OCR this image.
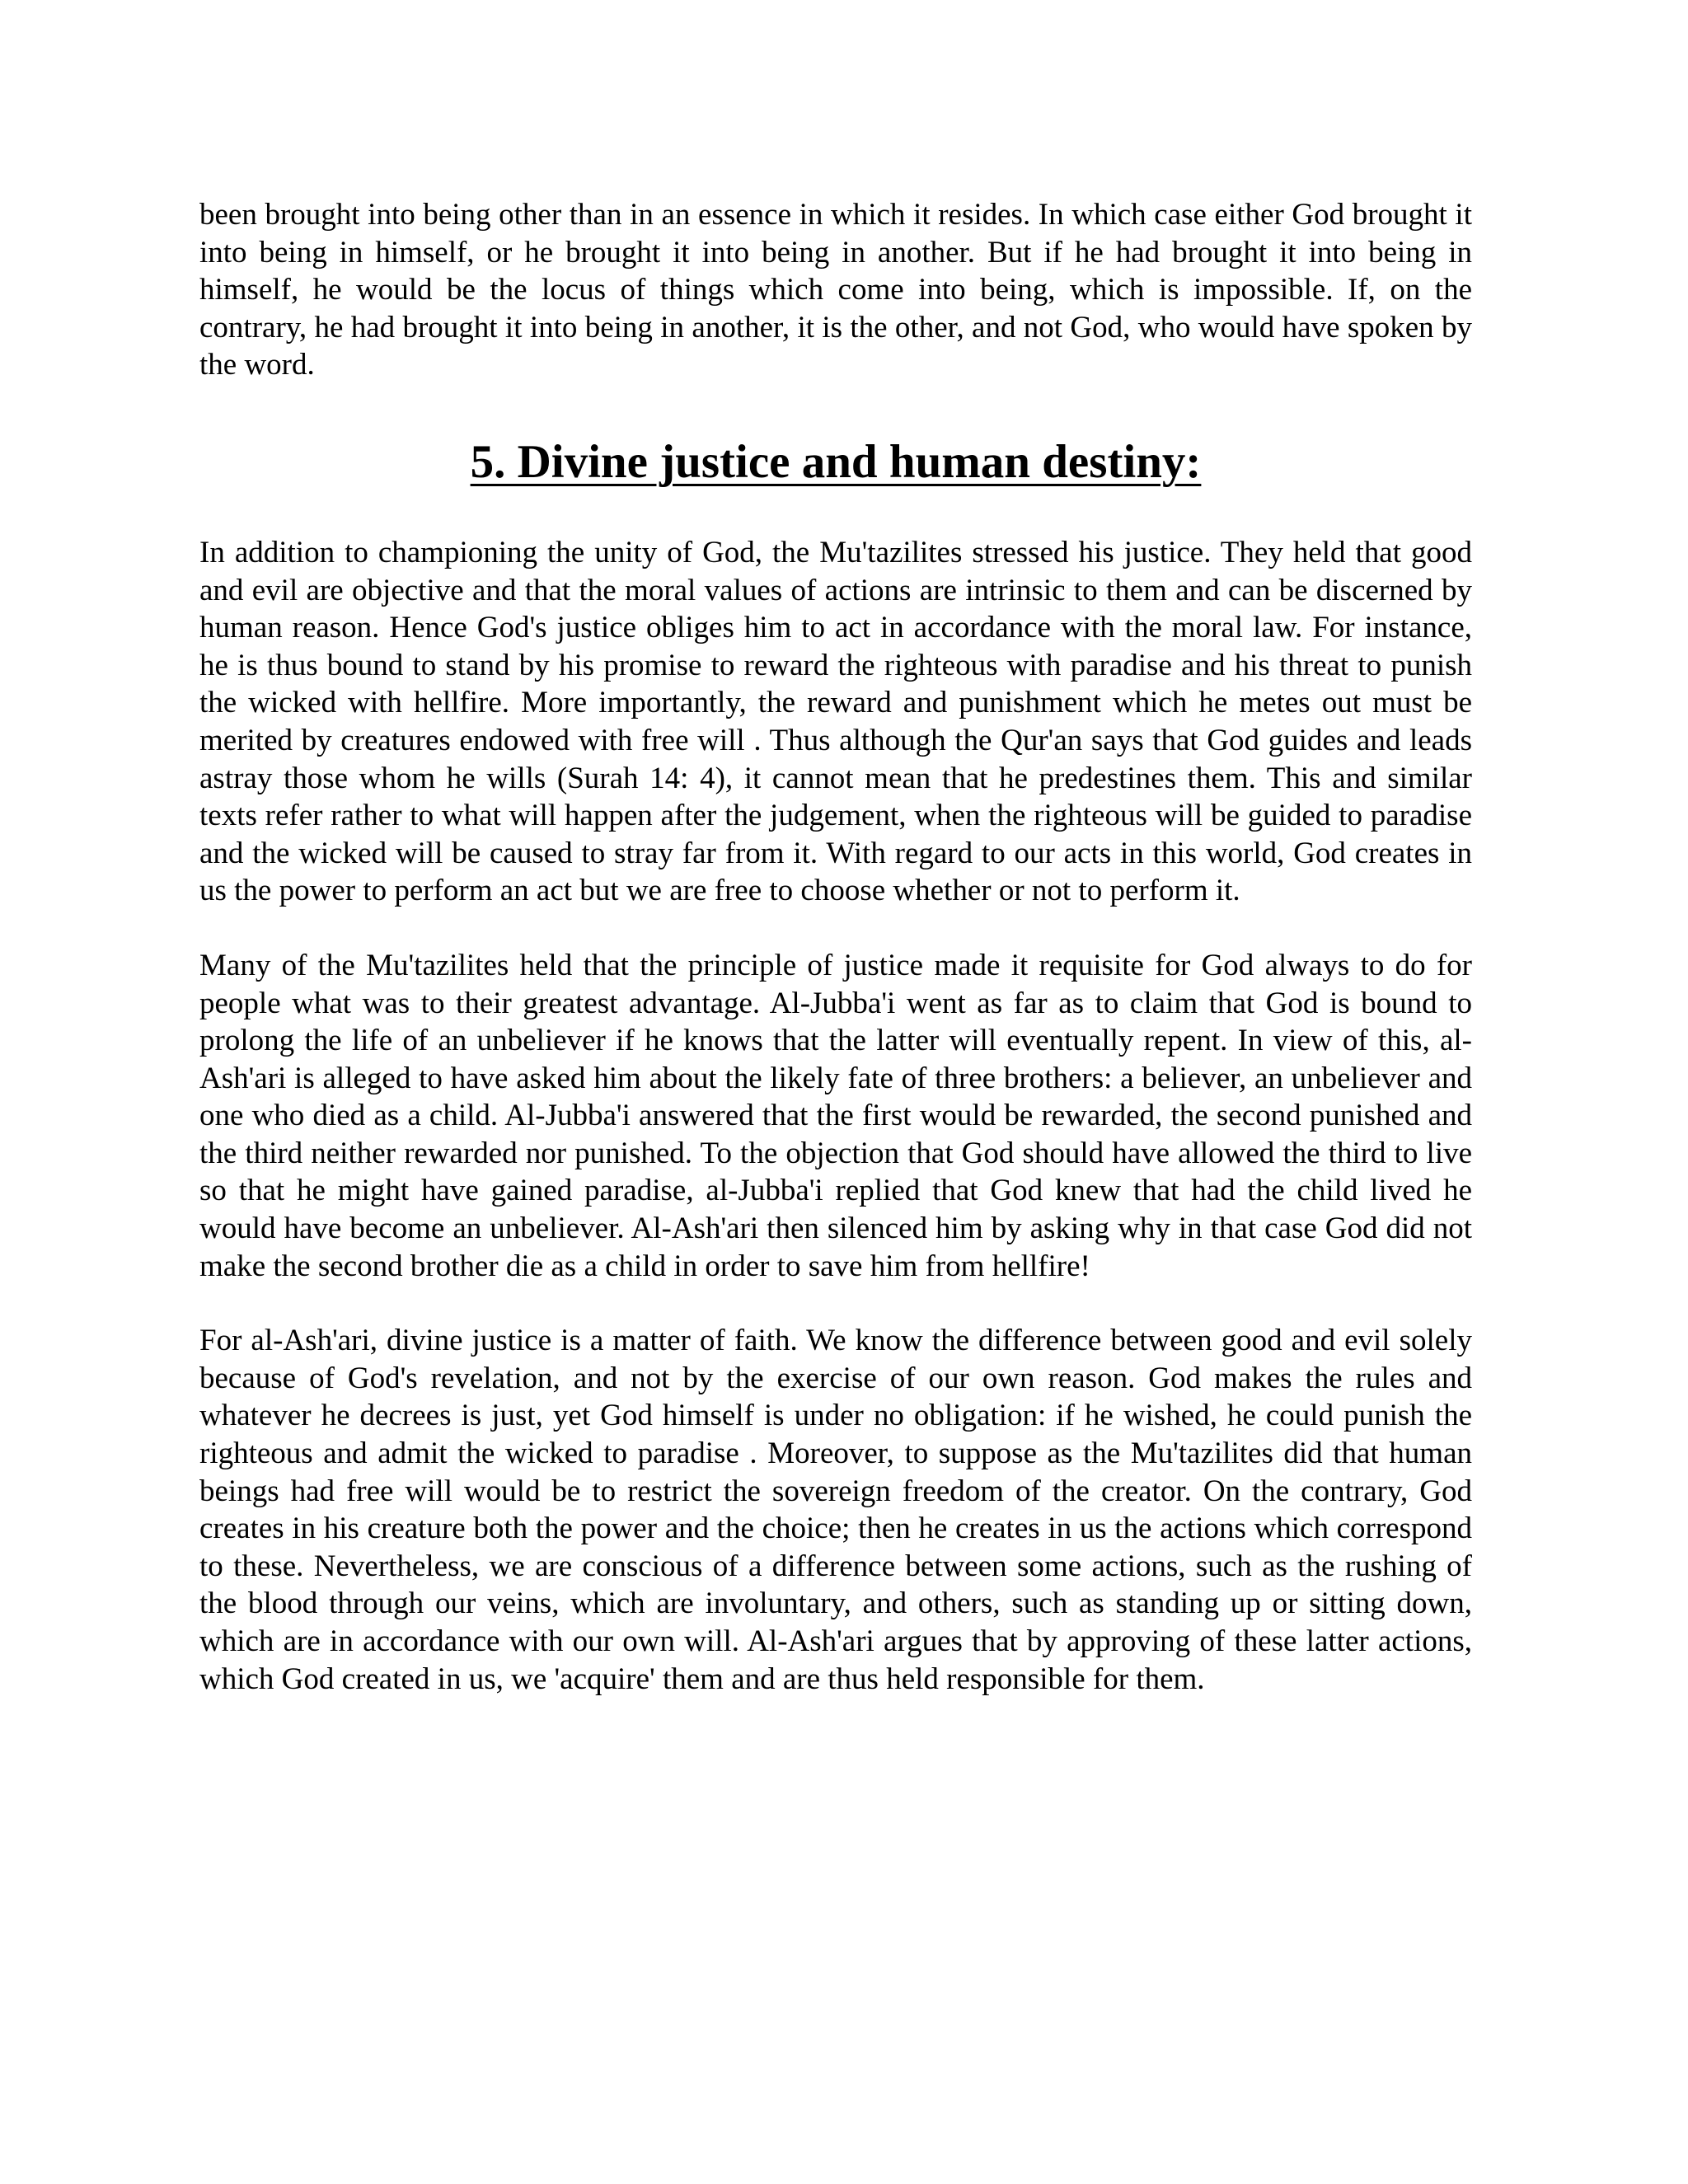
been brought into being other than in an essence in which it resides. In which case either God brought it into being in himself, or he brought it into being in another. But if he had brought it into being in himself, he would be the locus of things which come into being, which is impossible. If, on the contrary, he had brought it into being in another, it is the other, and not God, who would have spoken by the word.

5. Divine justice and human destiny:

In addition to championing the unity of God, the Mu'tazilites stressed his justice. They held that good and evil are objective and that the moral values of actions are intrinsic to them and can be discerned by human reason. Hence God's justice obliges him to act in accordance with the moral law. For instance, he is thus bound to stand by his promise to reward the righteous with paradise and his threat to punish the wicked with hellfire. More importantly, the reward and punishment which he metes out must be merited by creatures endowed with free will . Thus although the Qur'an says that God guides and leads astray those whom he wills (Surah 14: 4), it cannot mean that he predestines them. This and similar texts refer rather to what will happen after the judgement, when the righteous will be guided to paradise and the wicked will be caused to stray far from it. With regard to our acts in this world, God creates in us the power to perform an act but we are free to choose whether or not to perform it.

Many of the Mu'tazilites held that the principle of justice made it requisite for God always to do for people what was to their greatest advantage. Al-Jubba'i went as far as to claim that God is bound to prolong the life of an unbeliever if he knows that the latter will eventually repent. In view of this, al-Ash'ari is alleged to have asked him about the likely fate of three brothers: a believer, an unbeliever and one who died as a child. Al-Jubba'i answered that the first would be rewarded, the second punished and the third neither rewarded nor punished. To the objection that God should have allowed the third to live so that he might have gained paradise, al-Jubba'i replied that God knew that had the child lived he would have become an unbeliever. Al-Ash'ari then silenced him by asking why in that case God did not make the second brother die as a child in order to save him from hellfire!

For al-Ash'ari, divine justice is a matter of faith. We know the difference between good and evil solely because of God's revelation, and not by the exercise of our own reason. God makes the rules and whatever he decrees is just, yet God himself is under no obligation: if he wished, he could punish the righteous and admit the wicked to paradise . Moreover, to suppose as the Mu'tazilites did that human beings had free will would be to restrict the sovereign freedom of the creator. On the contrary, God creates in his creature both the power and the choice; then he creates in us the actions which correspond to these. Nevertheless, we are conscious of a difference between some actions, such as the rushing of the blood through our veins, which are involuntary, and others, such as standing up or sitting down, which are in accordance with our own will. Al-Ash'ari argues that by approving of these latter actions, which God created in us, we 'acquire' them and are thus held responsible for them.
